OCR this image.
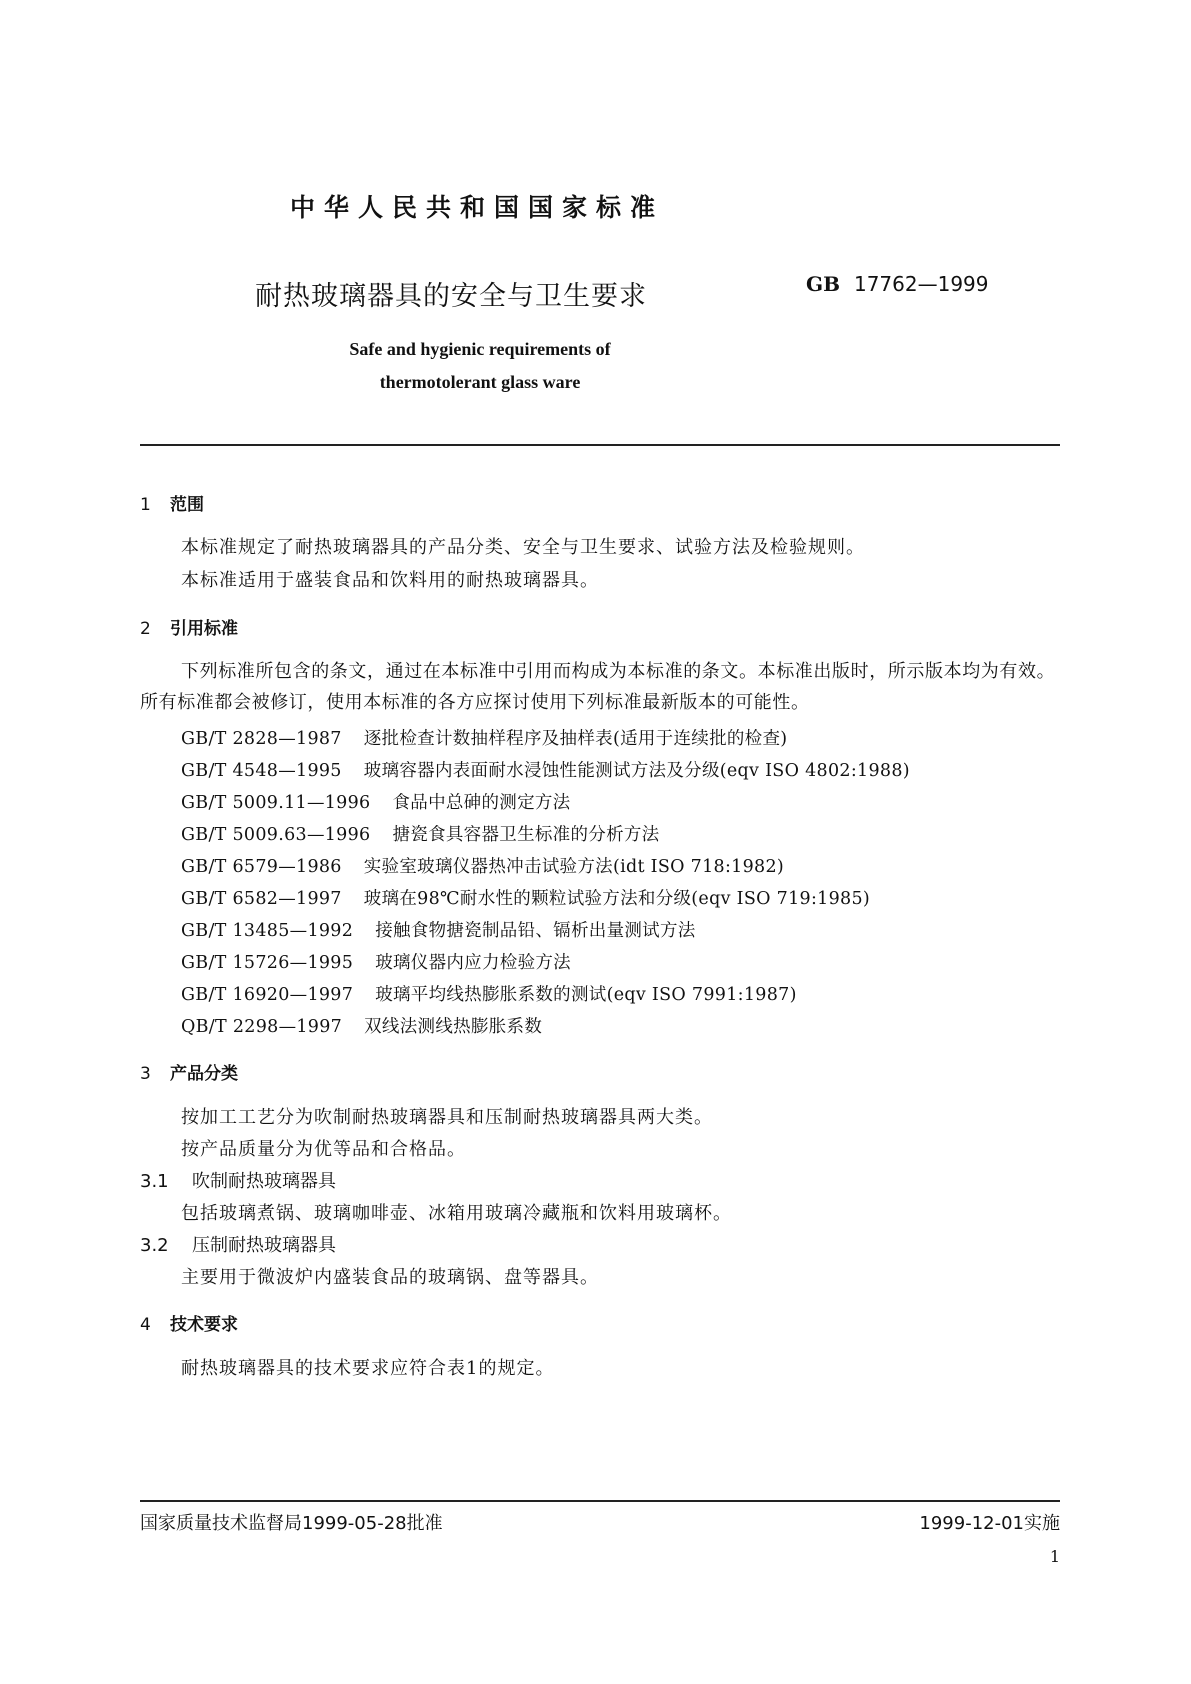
中华人民共和国国家标准
耐热玻璃器具的安全与卫生要求	GB 17762—1999
Safe and hygienic requirements of
thermotolerant glass ware
1 范围
本标准规定了耐热玻璃器具的产品分类、安全与卫生要求、试验方法及检验规则。
本标准适用于盛装食品和饮料用的耐热玻璃器具。
2 引用标准
下列标准所包含的条文，通过在本标准中引用而构成为本标准的条文。本标准出版时，所示版本均为有效。所有标准都会被修订，使用本标准的各方应探讨使用下列标准最新版本的可能性。
GB/T 2828—1987 逐批检查计数抽样程序及抽样表(适用于连续批的检查)
GB/T 4548—1995 玻璃容器内表面耐水浸蚀性能测试方法及分级(eqv ISO 4802:1988)
GB/T 5009.11—1996 食品中总砷的测定方法
GB/T 5009.63—1996 搪瓷食具容器卫生标准的分析方法
GB/T 6579—1986 实验室玻璃仪器热冲击试验方法(idt ISO 718:1982)
GB/T 6582—1997 玻璃在98℃耐水性的颗粒试验方法和分级(eqv ISO 719:1985)
GB/T 13485—1992 接触食物搪瓷制品铅、镉析出量测试方法
GB/T 15726—1995 玻璃仪器内应力检验方法
GB/T 16920—1997 玻璃平均线热膨胀系数的测试(eqv ISO 7991:1987)
QB/T 2298—1997 双线法测线热膨胀系数
3 产品分类
按加工工艺分为吹制耐热玻璃器具和压制耐热玻璃器具两大类。
按产品质量分为优等品和合格品。
3.1 吹制耐热玻璃器具
包括玻璃煮锅、玻璃咖啡壶、冰箱用玻璃冷藏瓶和饮料用玻璃杯。
3.2 压制耐热玻璃器具
主要用于微波炉内盛装食品的玻璃锅、盘等器具。
4 技术要求
耐热玻璃器具的技术要求应符合表1的规定。
国家质量技术监督局1999-05-28批准	1999-12-01实施
1
